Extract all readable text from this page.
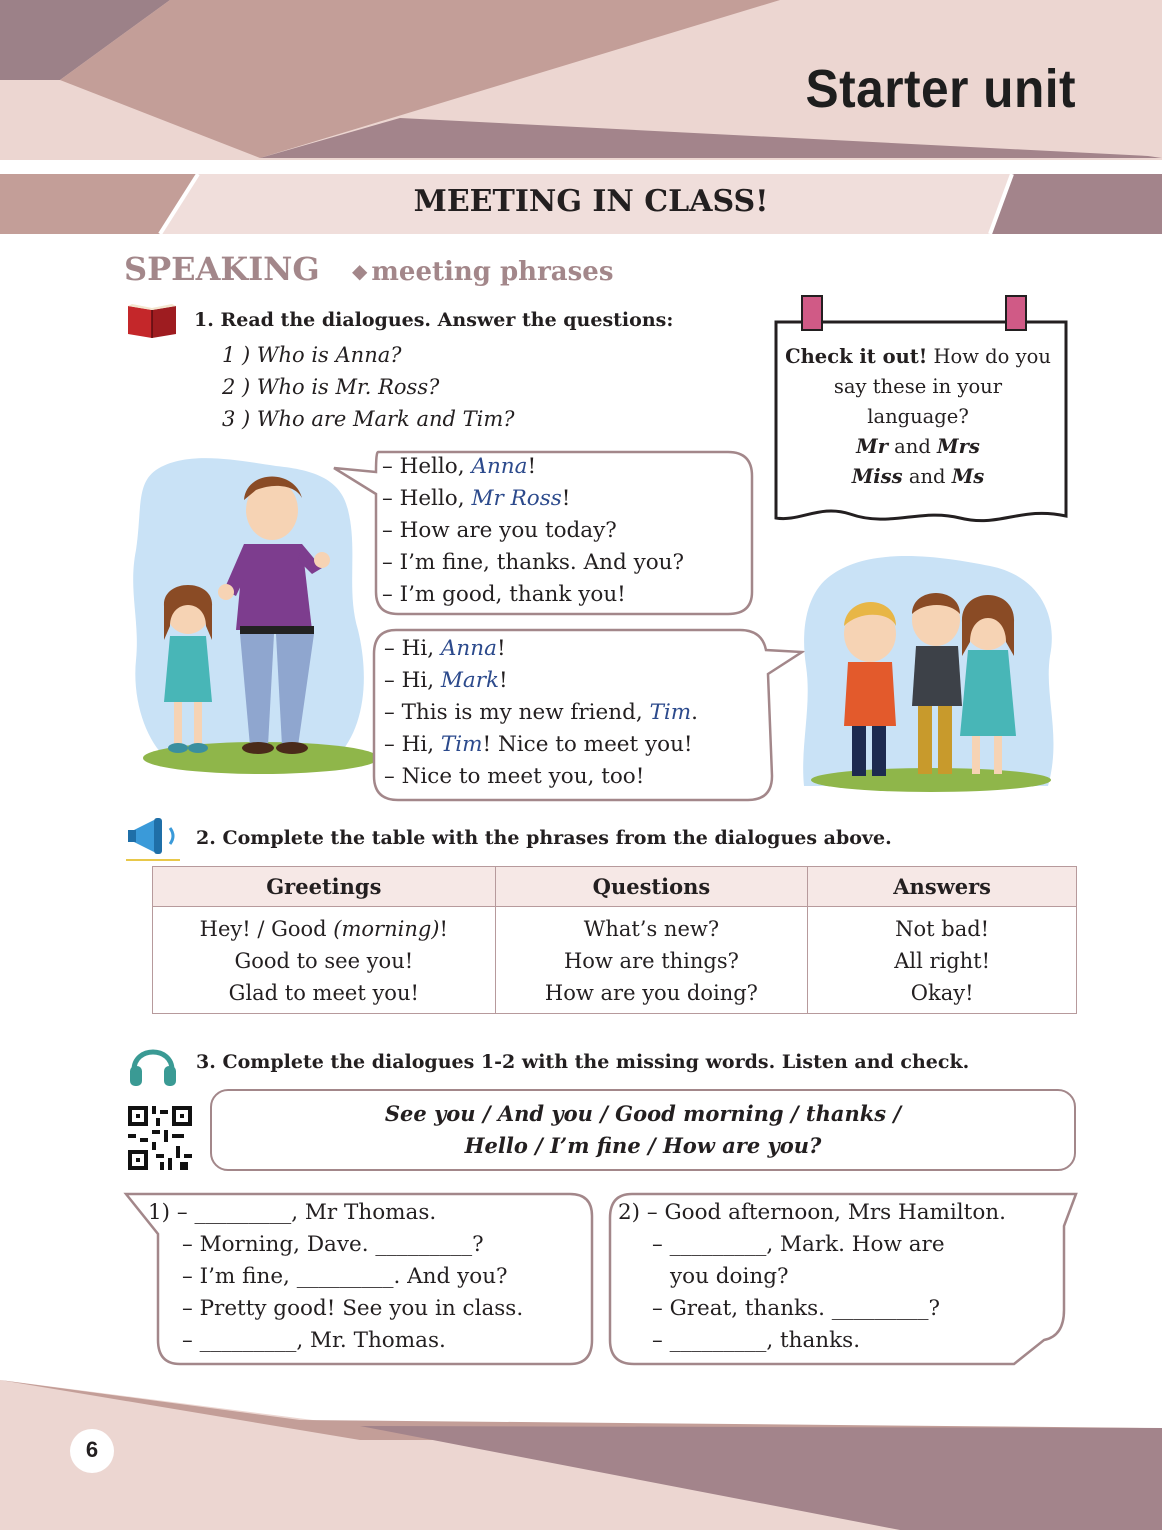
Starter unit
MEETING IN CLASS!
SPEAKING ◆ meeting phrases
1. Read the dialogues. Answer the questions:
1 ) Who is Anna?
2 ) Who is Mr. Ross?
3 ) Who are Mark and Tim?
– Hello, Anna!
– Hello, Mr Ross!
– How are you today?
– I’m fine, thanks. And you?
– I’m good, thank you!
– Hi, Anna!
– Hi, Mark!
– This is my new friend, Tim.
– Hi, Tim! Nice to meet you!
– Nice to meet you, too!
Check it out! How do you say these in your language?
Mr and Mrs
Miss and Ms
2. Complete the table with the phrases from the dialogues above.
Greetings	Questions	Answers
Hey! / Good (morning)!	What’s new?	Not bad!
Good to see you!	How are things?	All right!
Glad to meet you!	How are you doing?	Okay!
3. Complete the dialogues 1-2 with the missing words. Listen and check.
See you / And you / Good morning / thanks /
Hello / I’m fine / How are you?
1) – _________, Mr Thomas.
– Morning, Dave. _________?
– I’m fine, _________. And you?
– Pretty good! See you in class.
– _________, Mr. Thomas.
2) – Good afternoon, Mrs Hamilton.
– _________, Mark. How are
you doing?
– Great, thanks. _________?
– _________, thanks.
6
